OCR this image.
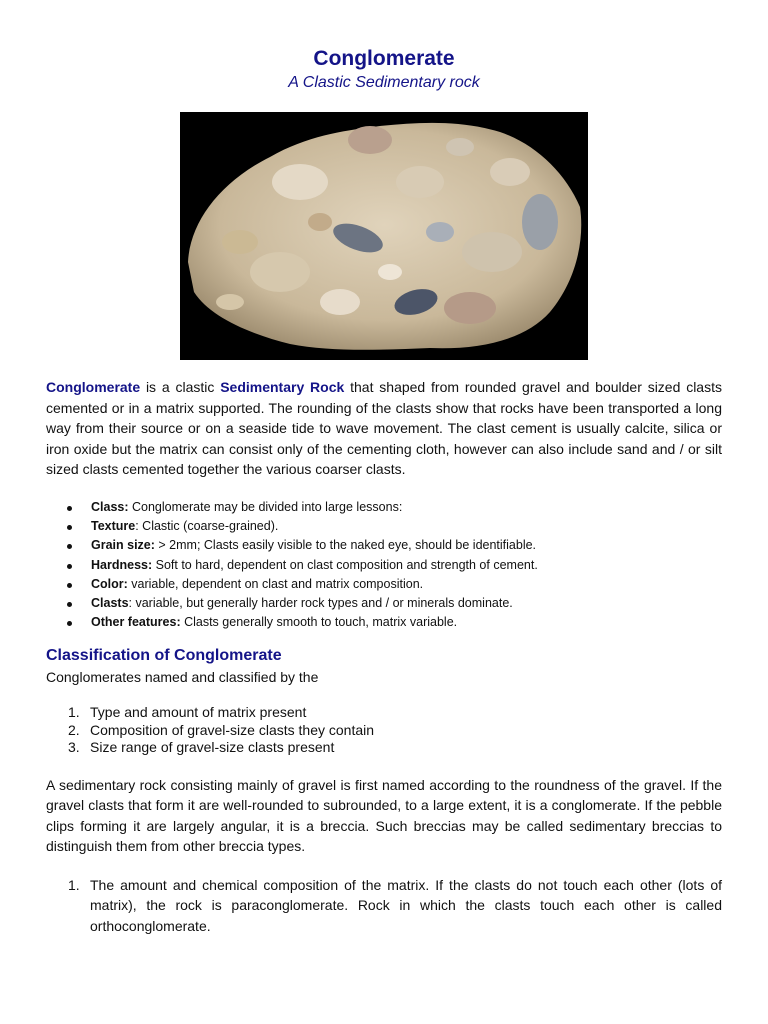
Conglomerate
A Clastic Sedimentary rock

Conglomerate is a clastic Sedimentary Rock that shaped from rounded gravel and boulder sized clasts cemented or in a matrix supported. The rounding of the clasts show that rocks have been transported a long way from their source or on a seaside tide to wave movement. The clast cement is usually calcite, silica or iron oxide but the matrix can consist only of the cementing cloth, however can also include sand and / or silt sized clasts cemented together the various coarser clasts.

Class: Conglomerate may be divided into large lessons:
Texture: Clastic (coarse-grained).
Grain size: > 2mm; Clasts easily visible to the naked eye, should be identifiable.
Hardness: Soft to hard, dependent on clast composition and strength of cement.
Color: variable, dependent on clast and matrix composition.
Clasts: variable, but generally harder rock types and / or minerals dominate.
Other features: Clasts generally smooth to touch, matrix variable.
Classification of Conglomerate
Conglomerates named and classified by the
1. Type and amount of matrix present
2. Composition of gravel-size clasts they contain
3. Size range of gravel-size clasts present

A sedimentary rock consisting mainly of gravel is first named according to the roundness of the gravel. If the gravel clasts that form it are well-rounded to subrounded, to a large extent, it is a conglomerate. If the pebble clips forming it are largely angular, it is a breccia. Such breccias may be called sedimentary breccias to distinguish them from other breccia types.

1. The amount and chemical composition of the matrix. If the clasts do not touch each other (lots of matrix), the rock is paraconglomerate. Rock in which the clasts touch each other is called orthoconglomerate.
